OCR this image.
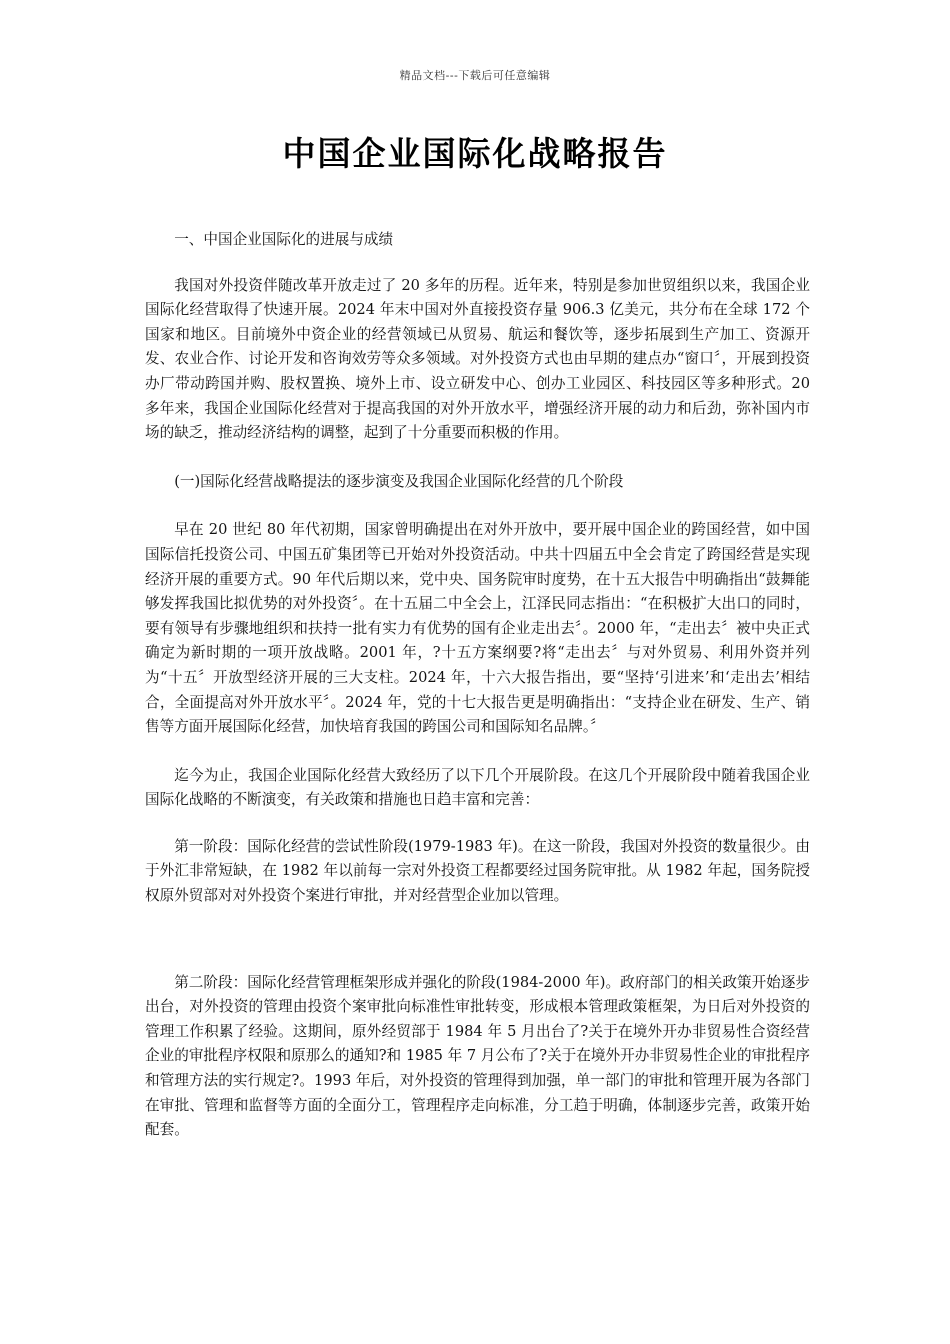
精品文档---下载后可任意编辑
中国企业国际化战略报告

一、中国企业国际化的进展与成绩

我国对外投资伴随改革开放走过了 20 多年的历程。近年来，特别是参加世贸组织以来，我国企业国际化经营取得了快速开展。2024 年末中国对外直接投资存量 906.3 亿美元，共分布在全球 172 个国家和地区。目前境外中资企业的经营领域已从贸易、航运和餐饮等，逐步拓展到生产加工、资源开发、农业合作、讨论开发和咨询效劳等众多领域。对外投资方式也由早期的建点办“窗口〞，开展到投资办厂带动跨国并购、股权置换、境外上市、设立研发中心、创办工业园区、科技园区等多种形式。20 多年来，我国企业国际化经营对于提高我国的对外开放水平，增强经济开展的动力和后劲，弥补国内市场的缺乏，推动经济结构的调整，起到了十分重要而积极的作用。

(一)国际化经营战略提法的逐步演变及我国企业国际化经营的几个阶段

早在 20 世纪 80 年代初期，国家曾明确提出在对外开放中，要开展中国企业的跨国经营，如中国国际信托投资公司、中国五矿集团等已开始对外投资活动。中共十四届五中全会肯定了跨国经营是实现经济开展的重要方式。90 年代后期以来，党中央、国务院审时度势，在十五大报告中明确指出“鼓舞能够发挥我国比拟优势的对外投资〞。在十五届二中全会上，江泽民同志指出：“在积极扩大出口的同时，要有领导有步骤地组织和扶持一批有实力有优势的国有企业走出去〞。2000 年，“走出去〞被中央正式确定为新时期的一项开放战略。2001 年，?十五方案纲要?将“走出去〞与对外贸易、利用外资并列为“十五〞开放型经济开展的三大支柱。2024 年，十六大报告指出，要“坚持‘引进来’和‘走出去’相结合，全面提高对外开放水平〞。2024 年，党的十七大报告更是明确指出：“支持企业在研发、生产、销售等方面开展国际化经营，加快培育我国的跨国公司和国际知名品牌。〞

迄今为止，我国企业国际化经营大致经历了以下几个开展阶段。在这几个开展阶段中随着我国企业国际化战略的不断演变，有关政策和措施也日趋丰富和完善：

第一阶段：国际化经营的尝试性阶段(1979-1983 年)。在这一阶段，我国对外投资的数量很少。由于外汇非常短缺，在 1982 年以前每一宗对外投资工程都要经过国务院审批。从 1982 年起，国务院授权原外贸部对对外投资个案进行审批，并对经营型企业加以管理。

第二阶段：国际化经营管理框架形成并强化的阶段(1984-2000 年)。政府部门的相关政策开始逐步出台，对外投资的管理由投资个案审批向标准性审批转变，形成根本管理政策框架，为日后对外投资的管理工作积累了经验。这期间，原外经贸部于 1984 年 5 月出台了?关于在境外开办非贸易性合资经营企业的审批程序权限和原那么的通知?和 1985 年 7 月公布了?关于在境外开办非贸易性企业的审批程序和管理方法的实行规定?。1993 年后，对外投资的管理得到加强，单一部门的审批和管理开展为各部门在审批、管理和监督等方面的全面分工，管理程序走向标准，分工趋于明确，体制逐步完善，政策开始配套。
